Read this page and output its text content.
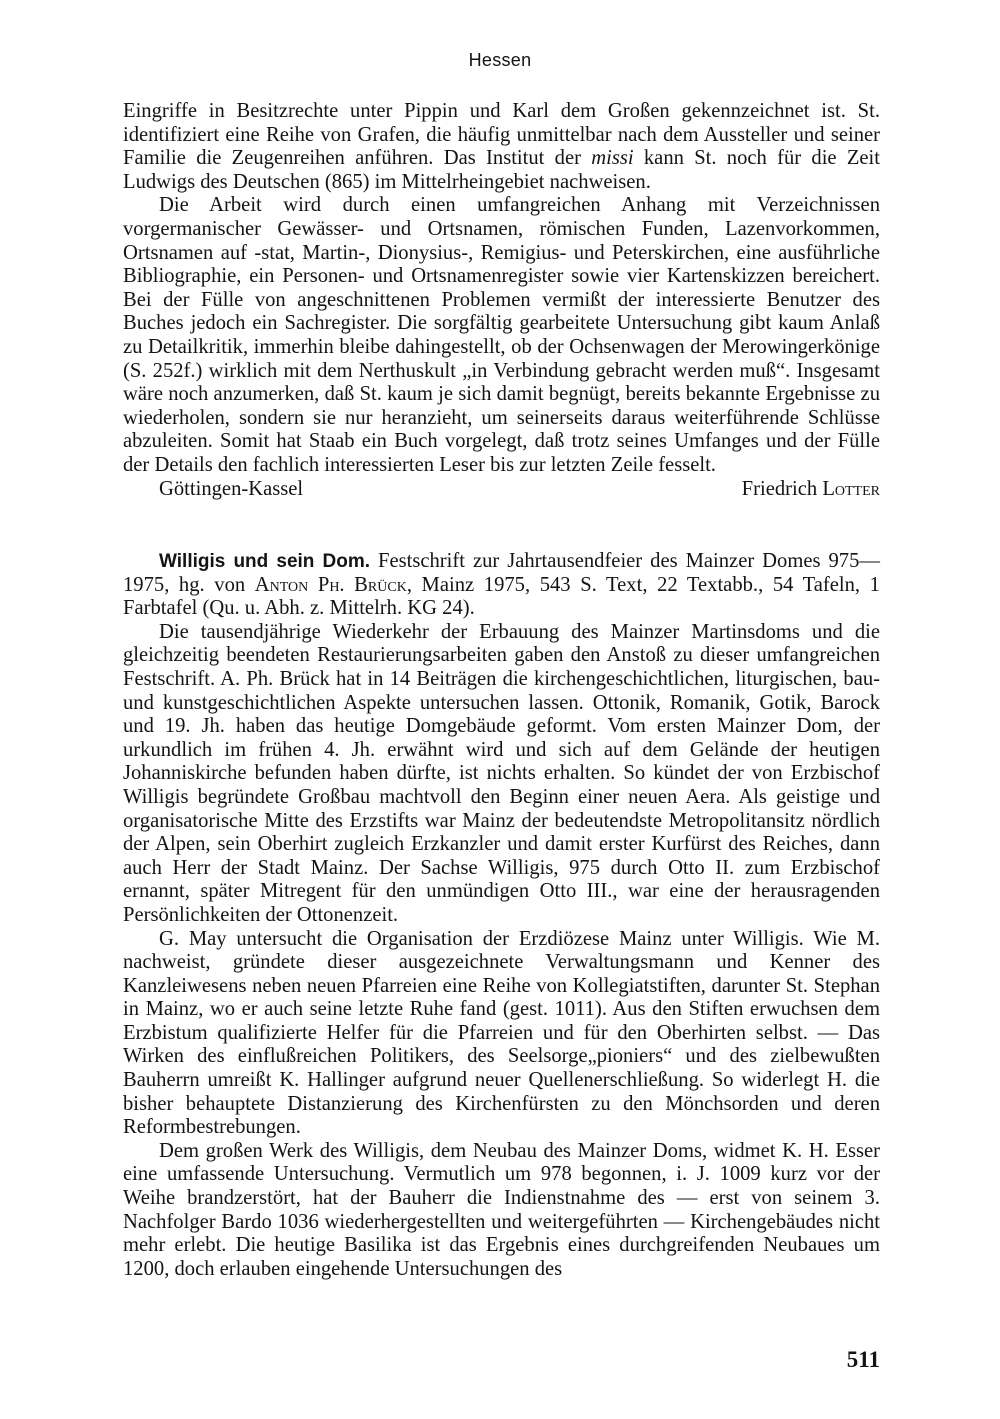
Hessen

Eingriffe in Besitzrechte unter Pippin und Karl dem Großen gekennzeichnet ist. St. identifiziert eine Reihe von Grafen, die häufig unmittelbar nach dem Aussteller und seiner Familie die Zeugenreihen anführen. Das Institut der missi kann St. noch für die Zeit Ludwigs des Deutschen (865) im Mittelrheingebiet nachweisen.

Die Arbeit wird durch einen umfangreichen Anhang mit Verzeichnissen vorgermanischer Gewässer- und Ortsnamen, römischen Funden, Lazenvorkommen, Ortsnamen auf -stat, Martin-, Dionysius-, Remigius- und Peterskirchen, eine ausführliche Bibliographie, ein Personen- und Ortsnamenregister sowie vier Kartenskizzen bereichert. Bei der Fülle von angeschnittenen Problemen vermißt der interessierte Benutzer des Buches jedoch ein Sachregister. Die sorgfältig gearbeitete Untersuchung gibt kaum Anlaß zu Detailkritik, immerhin bleibe dahingestellt, ob der Ochsenwagen der Merowingerkönige (S. 252f.) wirklich mit dem Nerthuskult „in Verbindung gebracht werden muß“. Insgesamt wäre noch anzumerken, daß St. kaum je sich damit begnügt, bereits bekannte Ergebnisse zu wiederholen, sondern sie nur heranzieht, um seinerseits daraus weiterführende Schlüsse abzuleiten. Somit hat Staab ein Buch vorgelegt, daß trotz seines Umfanges und der Fülle der Details den fachlich interessierten Leser bis zur letzten Zeile fesselt.

Göttingen-Kassel	Friedrich Lotter

Willigis und sein Dom. Festschrift zur Jahrtausendfeier des Mainzer Domes 975—1975, hg. von Anton Ph. Brück, Mainz 1975, 543 S. Text, 22 Textabb., 54 Tafeln, 1 Farbtafel (Qu. u. Abh. z. Mittelrh. KG 24).

Die tausendjährige Wiederkehr der Erbauung des Mainzer Martinsdoms und die gleichzeitig beendeten Restaurierungsarbeiten gaben den Anstoß zu dieser umfangreichen Festschrift. A. Ph. Brück hat in 14 Beiträgen die kirchengeschichtlichen, liturgischen, bau- und kunstgeschichtlichen Aspekte untersuchen lassen. Ottonik, Romanik, Gotik, Barock und 19. Jh. haben das heutige Domgebäude geformt. Vom ersten Mainzer Dom, der urkundlich im frühen 4. Jh. erwähnt wird und sich auf dem Gelände der heutigen Johanniskirche befunden haben dürfte, ist nichts erhalten. So kündet der von Erzbischof Willigis begründete Großbau machtvoll den Beginn einer neuen Aera. Als geistige und organisatorische Mitte des Erzstifts war Mainz der bedeutendste Metropolitansitz nördlich der Alpen, sein Oberhirt zugleich Erzkanzler und damit erster Kurfürst des Reiches, dann auch Herr der Stadt Mainz. Der Sachse Willigis, 975 durch Otto II. zum Erzbischof ernannt, später Mitregent für den unmündigen Otto III., war eine der herausragenden Persönlichkeiten der Ottonenzeit.

G. May untersucht die Organisation der Erzdiözese Mainz unter Willigis. Wie M. nachweist, gründete dieser ausgezeichnete Verwaltungsmann und Kenner des Kanzleiwesens neben neuen Pfarreien eine Reihe von Kollegiatstiften, darunter St. Stephan in Mainz, wo er auch seine letzte Ruhe fand (gest. 1011). Aus den Stiften erwuchsen dem Erzbistum qualifizierte Helfer für die Pfarreien und für den Oberhirten selbst. — Das Wirken des einflußreichen Politikers, des Seelsorge„pioniers“ und des zielbewußten Bauherrn umreißt K. Hallinger aufgrund neuer Quellenerschließung. So widerlegt H. die bisher behauptete Distanzierung des Kirchenfürsten zu den Mönchsorden und deren Reformbestrebungen.

Dem großen Werk des Willigis, dem Neubau des Mainzer Doms, widmet K. H. Esser eine umfassende Untersuchung. Vermutlich um 978 begonnen, i. J. 1009 kurz vor der Weihe brandzerstört, hat der Bauherr die Indienstnahme des — erst von seinem 3. Nachfolger Bardo 1036 wiederhergestellten und weitergeführten — Kirchengebäudes nicht mehr erlebt. Die heutige Basilika ist das Ergebnis eines durchgreifenden Neubaues um 1200, doch erlauben eingehende Untersuchungen des

511
